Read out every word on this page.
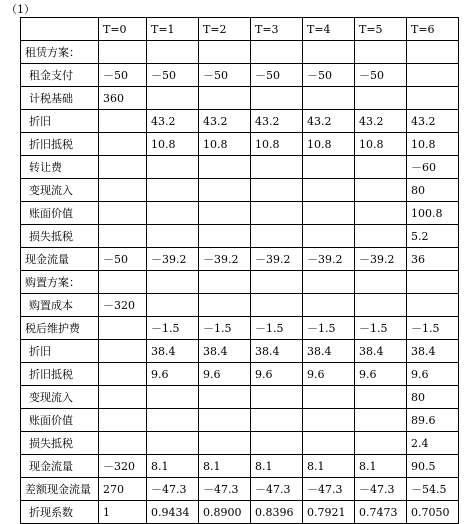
（1）
	T=0	T=1	T=2	T=3	T=4	T=5	T=6
租赁方案：							
租金支付	－50	－50	－50	－50	－50	－50	
计税基础	360						
折旧		43.2	43.2	43.2	43.2	43.2	43.2
折旧抵税		10.8	10.8	10.8	10.8	10.8	10.8
转让费							－60
变现流入							80
账面价值							100.8
损失抵税							5.2
现金流量	－50	－39.2	－39.2	－39.2	－39.2	－39.2	36
购置方案：							
购置成本	－320						
税后维护费		－1.5	－1.5	－1.5	－1.5	－1.5	－1.5
折旧		38.4	38.4	38.4	38.4	38.4	38.4
折旧抵税		9.6	9.6	9.6	9.6	9.6	9.6
变现流入							80
账面价值							89.6
损失抵税							2.4
现金流量	－320	8.1	8.1	8.1	8.1	8.1	90.5
差额现金流量	270	－47.3	－47.3	－47.3	－47.3	－47.3	－54.5
折现系数	1	0.9434	0.8900	0.8396	0.7921	0.7473	0.7050
